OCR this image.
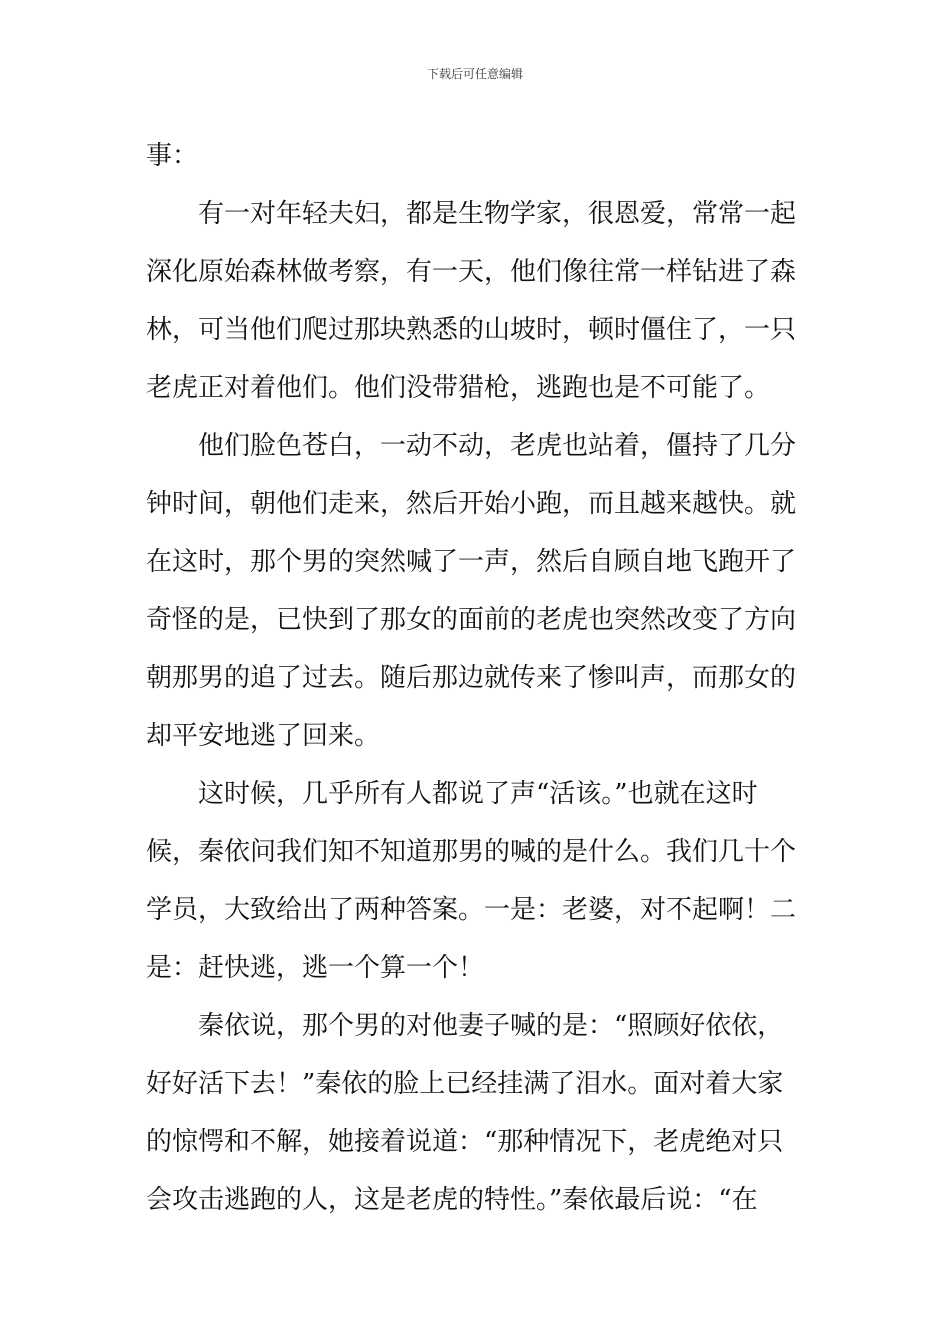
下载后可任意编辑
事：
有一对年轻夫妇，都是生物学家，很恩爱，常常一起
深化原始森林做考察，有一天，他们像往常一样钻进了森
林，可当他们爬过那块熟悉的山坡时，顿时僵住了，一只
老虎正对着他们。他们没带猎枪，逃跑也是不可能了。
他们脸色苍白，一动不动，老虎也站着，僵持了几分
钟时间，朝他们走来，然后开始小跑，而且越来越快。就
在这时，那个男的突然喊了一声，然后自顾自地飞跑开了
奇怪的是，已快到了那女的面前的老虎也突然改变了方向
朝那男的追了过去。随后那边就传来了惨叫声，而那女的
却平安地逃了回来。
这时候，几乎所有人都说了声“活该。”也就在这时
候，秦依问我们知不知道那男的喊的是什么。我们几十个
学员，大致给出了两种答案。一是：老婆，对不起啊！二
是：赶快逃，逃一个算一个！
秦依说，那个男的对他妻子喊的是：“照顾好依依，
好好活下去！”秦依的脸上已经挂满了泪水。面对着大家
的惊愕和不解，她接着说道：“那种情况下，老虎绝对只
会攻击逃跑的人，这是老虎的特性。”秦依最后说：“在
